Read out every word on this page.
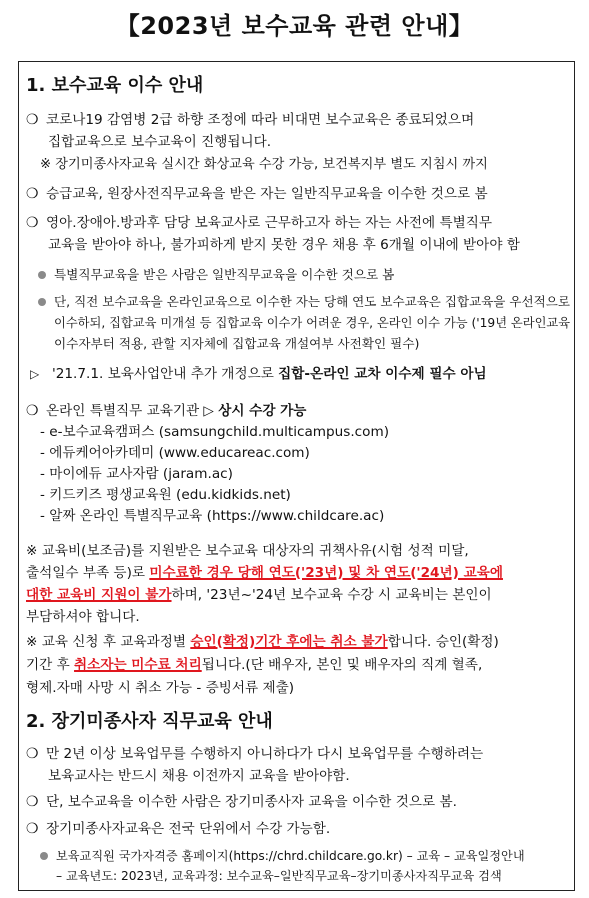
【2023년 보수교육 관련 안내】
1. 보수교육 이수 안내
❍ 코로나19 감염병 2급 하향 조정에 따라 비대면 보수교육은 종료되었으며
집합교육으로 보수교육이 진행됩니다.
※ 장기미종사자교육 실시간 화상교육 수강 가능, 보건복지부 별도 지침시 까지
❍ 승급교육, 원장사전직무교육을 받은 자는 일반직무교육을 이수한 것으로 봄
❍ 영아.장애아.방과후 담당 보육교사로 근무하고자 하는 자는 사전에 특별직무
교육을 받아야 하나, 불가피하게 받지 못한 경우 채용 후 6개월 이내에 받아야 함
특별직무교육을 받은 사람은 일반직무교육을 이수한 것으로 봄
단, 직전 보수교육을 온라인교육으로 이수한 자는 당해 연도 보수교육은 집합교육을 우선적으로
이수하되, 집합교육 미개설 등 집합교육 이수가 어려운 경우, 온라인 이수 가능 ('19년 온라인교육
이수자부터 적용, 관할 지자체에 집합교육 개설여부 사전확인 필수)
▷ '21.7.1. 보육사업안내 추가 개정으로 집합-온라인 교차 이수제 필수 아님
❍ 온라인 특별직무 교육기관 ▷ 상시 수강 가능
- e-보수교육캠퍼스 (samsungchild.multicampus.com)
- 에듀케어아카데미 (www.educareac.com)
- 마이에듀 교사자람 (jaram.ac)
- 키드키즈 평생교육원 (edu.kidkids.net)
- 알짜 온라인 특별직무교육 (https://www.childcare.ac)
※ 교육비(보조금)를 지원받은 보수교육 대상자의 귀책사유(시험 성적 미달,
출석일수 부족 등)로 미수료한 경우 당해 연도('23년) 및 차 연도('24년) 교육에
대한 교육비 지원이 불가하며, '23년~'24년 보수교육 수강 시 교육비는 본인이
부담하셔야 합니다.
※ 교육 신청 후 교육과정별 승인(확정)기간 후에는 취소 불가합니다. 승인(확정)
기간 후 취소자는 미수료 처리됩니다.(단 배우자, 본인 및 배우자의 직계 혈족,
형제.자매 사망 시 취소 가능 - 증빙서류 제출)
2. 장기미종사자 직무교육 안내
❍ 만 2년 이상 보육업무를 수행하지 아니하다가 다시 보육업무를 수행하려는
보육교사는 반드시 채용 이전까지 교육을 받아야함.
❍ 단, 보수교육을 이수한 사람은 장기미종사자 교육을 이수한 것으로 봄.
❍ 장기미종사자교육은 전국 단위에서 수강 가능함.
보육교직원 국가자격증 홈페이지(https://chrd.childcare.go.kr) – 교육 – 교육일정안내
– 교육년도: 2023년, 교육과정: 보수교육–일반직무교육–장기미종사자직무교육 검색
